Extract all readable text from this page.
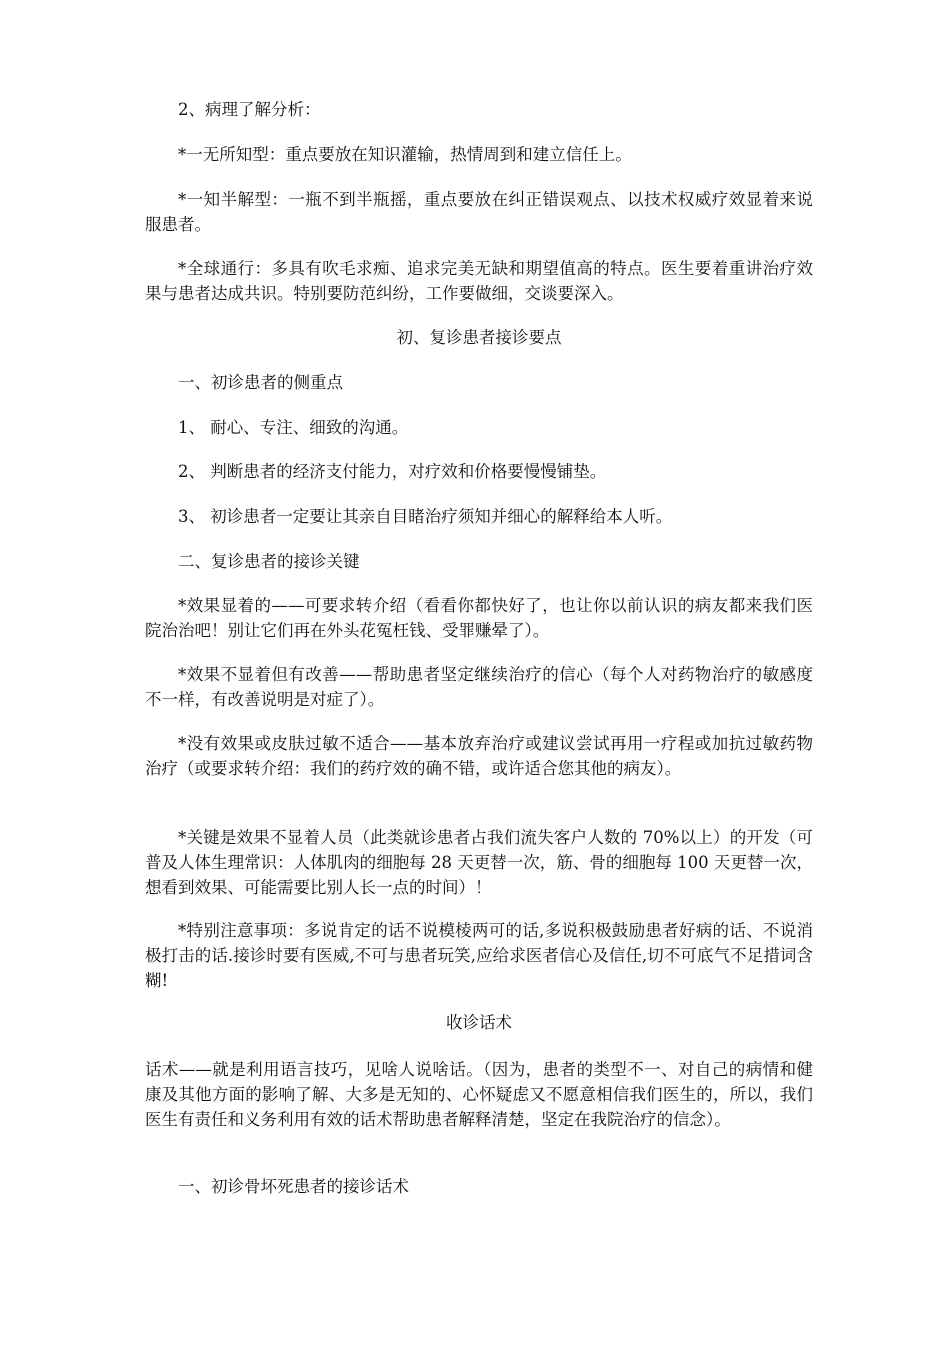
2、病理了解分析：

*一无所知型：重点要放在知识灌输，热情周到和建立信任上。

*一知半解型：一瓶不到半瓶摇，重点要放在纠正错误观点、以技术权威疗效显着来说服患者。

*全球通行：多具有吹毛求痴、追求完美无缺和期望值高的特点。医生要着重讲治疗效果与患者达成共识。特别要防范纠纷，工作要做细，交谈要深入。

初、复诊患者接诊要点

一、初诊患者的侧重点

1、 耐心、专注、细致的沟通。

2、 判断患者的经济支付能力，对疗效和价格要慢慢铺垫。

3、 初诊患者一定要让其亲自目睹治疗须知并细心的解释给本人听。

二、复诊患者的接诊关键

*效果显着的——可要求转介绍（看看你都快好了，也让你以前认识的病友都来我们医院治治吧！别让它们再在外头花冤枉钱、受罪赚晕了）。

*效果不显着但有改善——帮助患者坚定继续治疗的信心（每个人对药物治疗的敏感度不一样，有改善说明是对症了）。

*没有效果或皮肤过敏不适合——基本放弃治疗或建议尝试再用一疗程或加抗过敏药物治疗（或要求转介绍：我们的药疗效的确不错，或许适合您其他的病友）。

*关键是效果不显着人员（此类就诊患者占我们流失客户人数的 70%以上）的开发（可普及人体生理常识：人体肌肉的细胞每 28 天更替一次，筋、骨的细胞每 100 天更替一次，想看到效果、可能需要比别人长一点的时间）！

*特别注意事项：多说肯定的话不说模棱两可的话,多说积极鼓励患者好病的话、不说消极打击的话.接诊时要有医威,不可与患者玩笑,应给求医者信心及信任,切不可底气不足措词含糊!

收诊话术

话术——就是利用语言技巧，见啥人说啥话。（因为，患者的类型不一、对自己的病情和健康及其他方面的影响了解、大多是无知的、心怀疑虑又不愿意相信我们医生的，所以，我们医生有责任和义务利用有效的话术帮助患者解释清楚，坚定在我院治疗的信念）。

一、初诊骨坏死患者的接诊话术
